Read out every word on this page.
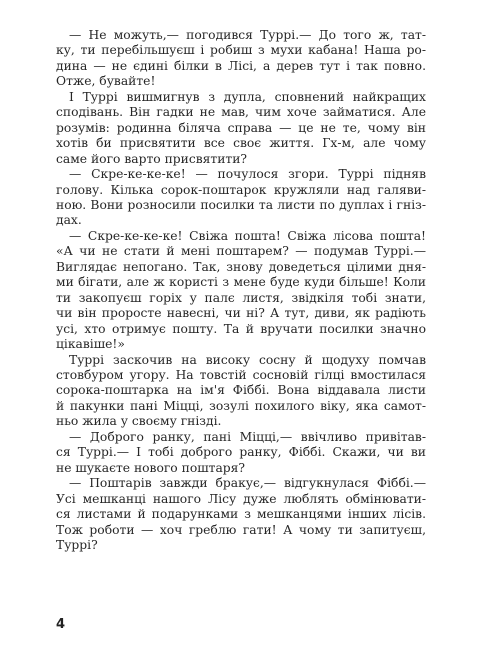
— Не можуть,— погодився Туррі.— До того ж, тат-
ку, ти перебільшуєш і робиш з мухи кабана! Наша ро-
дина — не єдині білки в Лісі, а дерев тут і так повно.
Отже, бувайте!
І Туррі вишмигнув з дупла, сповнений найкращих
сподівань. Він гадки не мав, чим хоче займатися. Але
розумів: родинна біляча справа — це не те, чому він
хотів би присвятити все своє життя. Гх-м, але чому
саме його варто присвятити?
— Скре-ке-ке-ке! — почулося згори. Туррі підняв
голову. Кілька сорок-поштарок кружляли над галяви-
ною. Вони розносили посилки та листи по дуплах і гніз-
дах.
— Скре-ке-ке-ке! Свіжа пошта! Свіжа лісова пошта!
«А чи не стати й мені поштарем? — подумав Туррі.—
Виглядає непогано. Так, знову доведеться цілими дня-
ми бігати, але ж користі з мене буде куди більше! Коли
ти закопуєш горіх у палє листя, звідкіля тобі знати,
чи він проросте навесні, чи ні? А тут, диви, як радіють
усі, хто отримує пошту. Та й вручати посилки значно
цікавіше!»
Туррі заскочив на високу сосну й щодуху помчав
стовбуром угору. На товстій сосновій гілці вмостилася
сорока-поштарка на ім'я Фіббі. Вона віддавала листи
й пакунки пані Міцці, зозулі похилого віку, яка самот-
ньо жила у своєму гнізді.
— Доброго ранку, пані Міцці,— ввічливо привітав-
ся Туррі.— І тобі доброго ранку, Фіббі. Скажи, чи ви
не шукаєте нового поштаря?
— Поштарів завжди бракує,— відгукнулася Фіббі.—
Усі мешканці нашого Лісу дуже люблять обмінювати-
ся листами й подарунками з мешканцями інших лісів.
Тож роботи — хоч греблю гати! А чому ти запитуєш,
Туррі?
4
